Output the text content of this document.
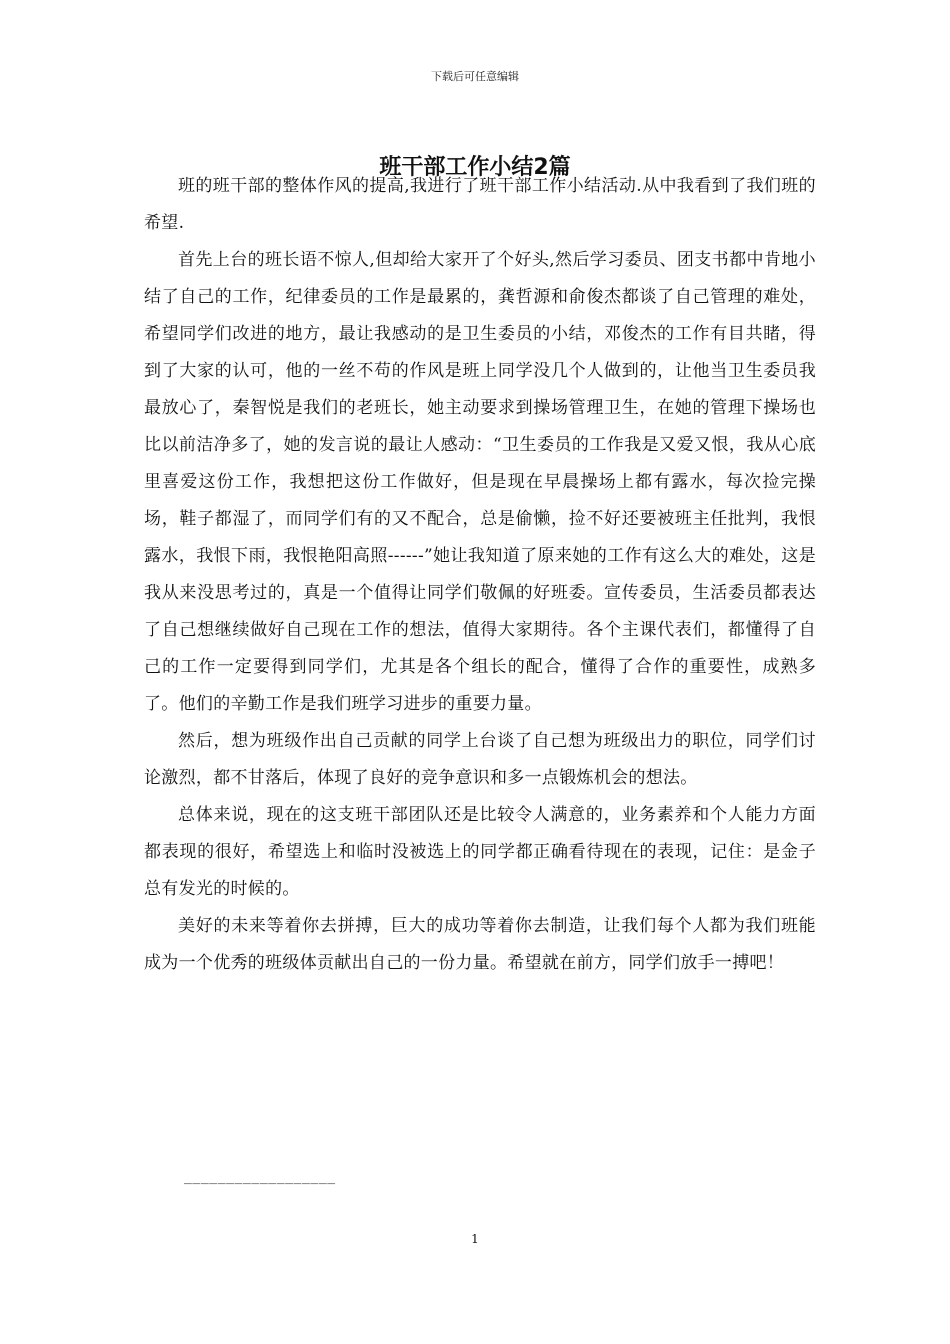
下载后可任意编辑
班干部工作小结2篇

班的班干部的整体作风的提高,我进行了班干部工作小结活动.从中我看到了我们班的希望.

首先上台的班长语不惊人,但却给大家开了个好头,然后学习委员、团支书都中肯地小结了自己的工作，纪律委员的工作是最累的，龚哲源和俞俊杰都谈了自己管理的难处，希望同学们改进的地方，最让我感动的是卫生委员的小结，邓俊杰的工作有目共睹，得到了大家的认可，他的一丝不苟的作风是班上同学没几个人做到的，让他当卫生委员我最放心了，秦智悦是我们的老班长，她主动要求到操场管理卫生，在她的管理下操场也比以前洁净多了，她的发言说的最让人感动：“卫生委员的工作我是又爱又恨，我从心底里喜爱这份工作，我想把这份工作做好，但是现在早晨操场上都有露水，每次捡完操场，鞋子都湿了，而同学们有的又不配合，总是偷懒，捡不好还要被班主任批判，我恨露水，我恨下雨，我恨艳阳高照------”她让我知道了原来她的工作有这么大的难处，这是我从来没思考过的，真是一个值得让同学们敬佩的好班委。宣传委员，生活委员都表达了自己想继续做好自己现在工作的想法，值得大家期待。各个主课代表们，都懂得了自己的工作一定要得到同学们，尤其是各个组长的配合，懂得了合作的重要性，成熟多了。他们的辛勤工作是我们班学习进步的重要力量。

然后，想为班级作出自己贡献的同学上台谈了自己想为班级出力的职位，同学们讨论激烈，都不甘落后，体现了良好的竞争意识和多一点锻炼机会的想法。

总体来说，现在的这支班干部团队还是比较令人满意的，业务素养和个人能力方面都表现的很好，希望选上和临时没被选上的同学都正确看待现在的表现，记住：是金子总有发光的时候的。

美好的未来等着你去拼搏，巨大的成功等着你去制造，让我们每个人都为我们班能成为一个优秀的班级体贡献出自己的一份力量。希望就在前方，同学们放手一搏吧！

__________________
1
